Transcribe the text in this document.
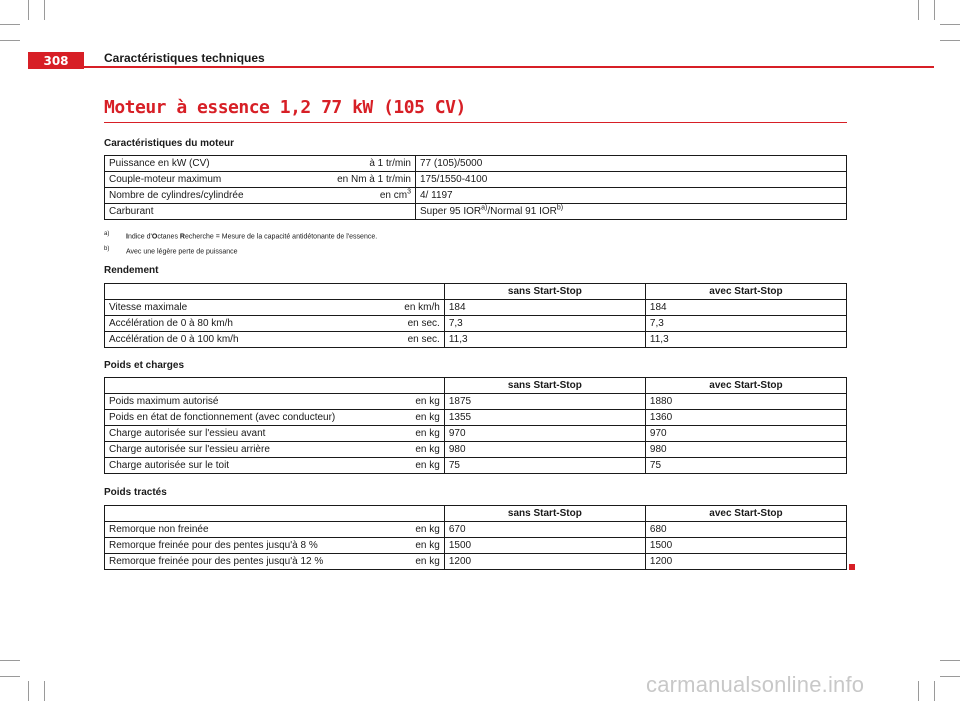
308	Caractéristiques techniques
Moteur à essence 1,2 77 kW (105 CV)
Caractéristiques du moteur
Puissance en kW (CV) à 1 tr/min	77 (105)/5000
Couple-moteur maximum en Nm à 1 tr/min	175/1550-4100
Nombre de cylindres/cylindrée en $cm^3$	4/ 1197
Carburant	Super 95 IOR$^{a)}$/Normal 91 IOR$^{b)}$
a) Indice d'Octanes Recherche = Mesure de la capacité antidétonante de l'essence.
b) Avec une légère perte de puissance
Rendement
	sans Start-Stop	avec Start-Stop
Vitesse maximale en km/h	184	184
Accélération de 0 à 80 km/h en sec.	7,3	7,3
Accélération de 0 à 100 km/h en sec.	11,3	11,3
Poids et charges
	sans Start-Stop	avec Start-Stop
Poids maximum autorisé en kg	1875	1880
Poids en état de fonctionnement (avec conducteur) en kg	1355	1360
Charge autorisée sur l'essieu avant en kg	970	970
Charge autorisée sur l'essieu arrière en kg	980	980
Charge autorisée sur le toit en kg	75	75
Poids tractés
	sans Start-Stop	avec Start-Stop
Remorque non freinée en kg	670	680
Remorque freinée pour des pentes jusqu'à 8 % en kg	1500	1500
Remorque freinée pour des pentes jusqu'à 12 % en kg	1200	1200
carmanualsonline.info
